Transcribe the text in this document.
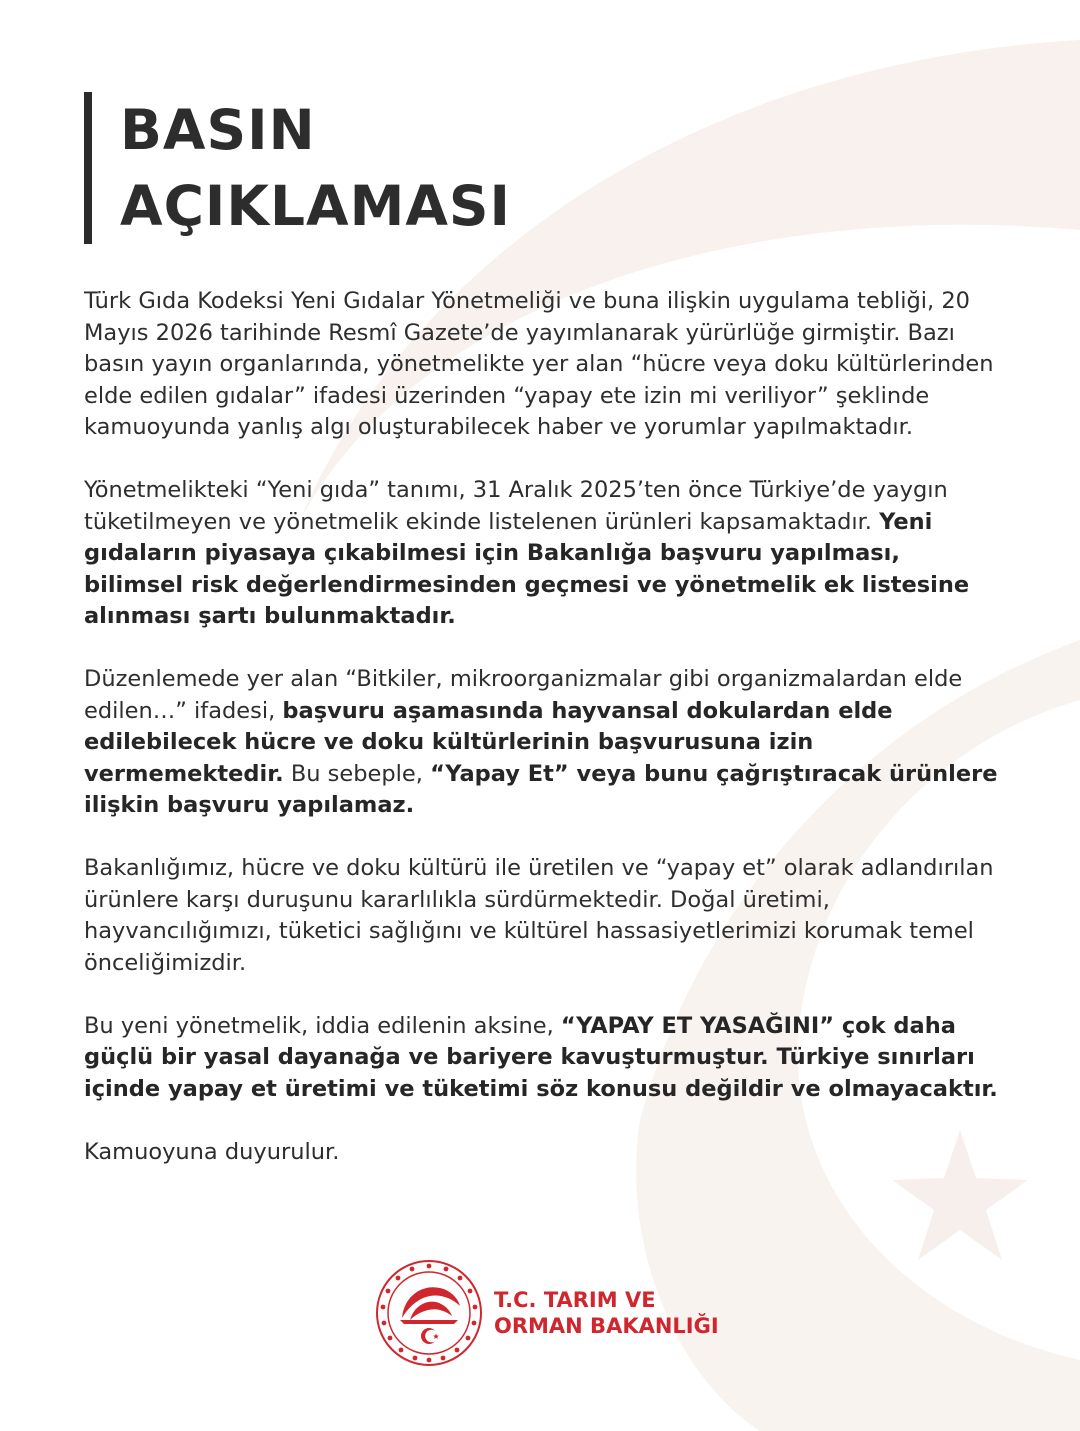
BASIN
AÇIKLAMASI

Türk Gıda Kodeksi Yeni Gıdalar Yönetmeliği ve buna ilişkin uygulama tebliği, 20 Mayıs 2026 tarihinde Resmî Gazete’de yayımlanarak yürürlüğe girmiştir. Bazı basın yayın organlarında, yönetmelikte yer alan “hücre veya doku kültürlerinden elde edilen gıdalar” ifadesi üzerinden “yapay ete izin mi veriliyor” şeklinde kamuoyunda yanlış algı oluşturabilecek haber ve yorumlar yapılmaktadır.

Yönetmelikteki “Yeni gıda” tanımı, 31 Aralık 2025’ten önce Türkiye’de yaygın tüketilmeyen ve yönetmelik ekinde listelenen ürünleri kapsamaktadır. Yeni gıdaların piyasaya çıkabilmesi için Bakanlığa başvuru yapılması, bilimsel risk değerlendirmesinden geçmesi ve yönetmelik ek listesine alınması şartı bulunmaktadır.

Düzenlemede yer alan “Bitkiler, mikroorganizmalar gibi organizmalardan elde edilen…” ifadesi, başvuru aşamasında hayvansal dokulardan elde edilebilecek hücre ve doku kültürlerinin başvurusuna izin vermemektedir. Bu sebeple, “Yapay Et” veya bunu çağrıştıracak ürünlere ilişkin başvuru yapılamaz.

Bakanlığımız, hücre ve doku kültürü ile üretilen ve “yapay et” olarak adlandırılan ürünlere karşı duruşunu kararlılıkla sürdürmektedir. Doğal üretimi, hayvancılığımızı, tüketici sağlığını ve kültürel hassasiyetlerimizi korumak temel önceliğimizdir.

Bu yeni yönetmelik, iddia edilenin aksine, “YAPAY ET YASAĞINI” çok daha güçlü bir yasal dayanağa ve bariyere kavuşturmuştur. Türkiye sınırları içinde yapay et üretimi ve tüketimi söz konusu değildir ve olmayacaktır.

Kamuoyuna duyurulur.

T.C. TARIM VE
ORMAN BAKANLIĞI
